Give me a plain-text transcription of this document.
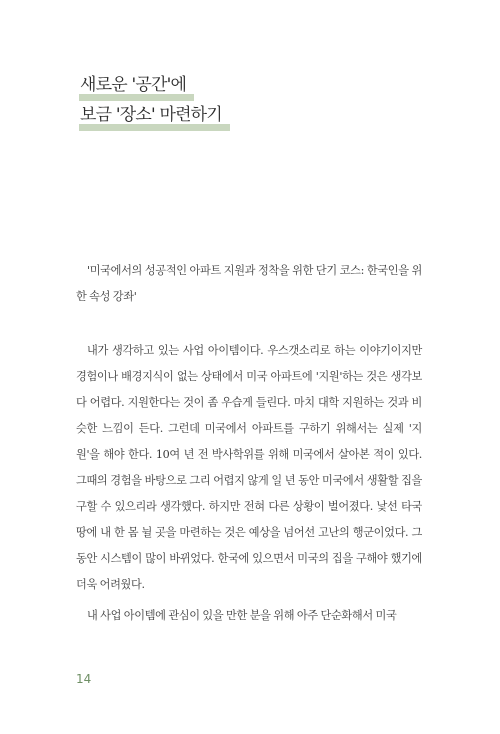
새로운 '공간'에
보금 '장소' 마련하기

'미국에서의 성공적인 아파트 지원과 정착을 위한 단기 코스: 한국인을 위한 속성 강좌'

내가 생각하고 있는 사업 아이템이다. 우스갯소리로 하는 이야기이지만 경험이나 배경지식이 없는 상태에서 미국 아파트에 '지원'하는 것은 생각보다 어렵다. 지원한다는 것이 좀 우습게 들린다. 마치 대학 지원하는 것과 비슷한 느낌이 든다. 그런데 미국에서 아파트를 구하기 위해서는 실제 '지원'을 해야 한다. 10여 년 전 박사학위를 위해 미국에서 살아본 적이 있다. 그때의 경험을 바탕으로 그리 어렵지 않게 일 년 동안 미국에서 생활할 집을 구할 수 있으리라 생각했다. 하지만 전혀 다른 상황이 벌어졌다. 낯선 타국 땅에 내 한 몸 뉠 곳을 마련하는 것은 예상을 넘어선 고난의 행군이었다. 그동안 시스템이 많이 바뀌었다. 한국에 있으면서 미국의 집을 구해야 했기에 더욱 어려웠다.

내 사업 아이템에 관심이 있을 만한 분을 위해 아주 단순화해서 미국

14
